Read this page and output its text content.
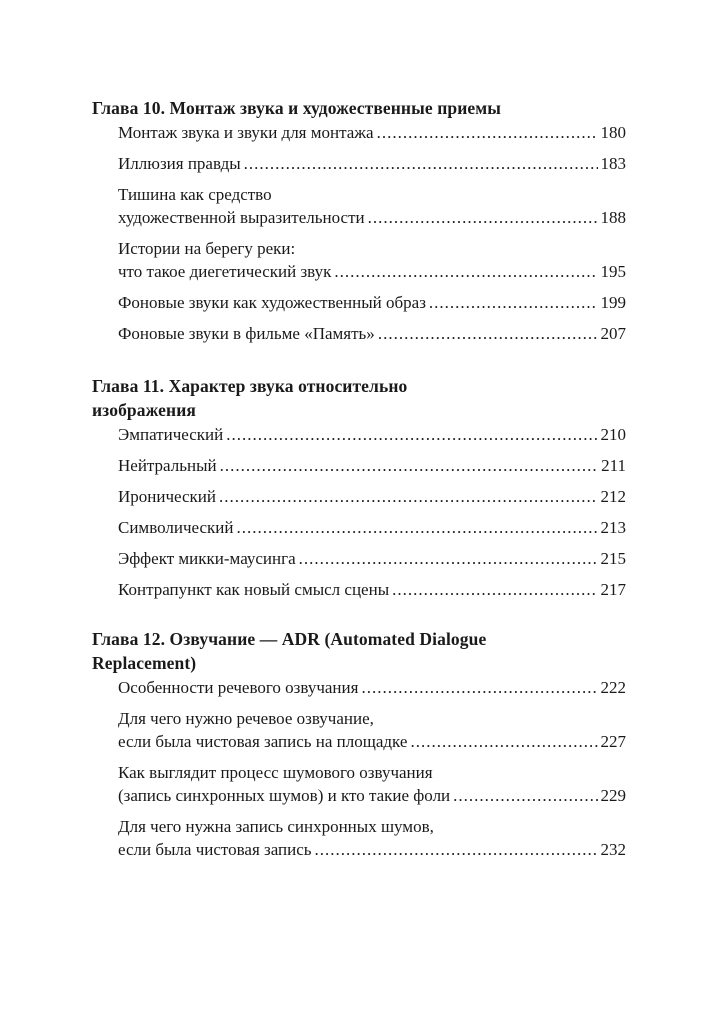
Глава 10. Монтаж звука и художественные приемы
Монтаж звука и звуки для монтажа .....	180
Иллюзия правды .....	183
Тишина как средство
художественной выразительности .....	188
Истории на берегу реки:
что такое диегетический звук .....	195
Фоновые звуки как художественный образ .....	199
Фоновые звуки в фильме «Память» .....	207
Глава 11. Характер звука относительно изображения
Эмпатический .....	210
Нейтральный .....	211
Иронический .....	212
Символический .....	213
Эффект микки-маусинга .....	215
Контрапункт как новый смысл сцены .....	217
Глава 12. Озвучание — ADR (Automated Dialogue Replacement)
Особенности речевого озвучания .....	222
Для чего нужно речевое озвучание,
если была чистовая запись на площадке .....	227
Как выглядит процесс шумового озвучания
(запись синхронных шумов) и кто такие фоли .....	229
Для чего нужна запись синхронных шумов,
если была чистовая запись .....	232
